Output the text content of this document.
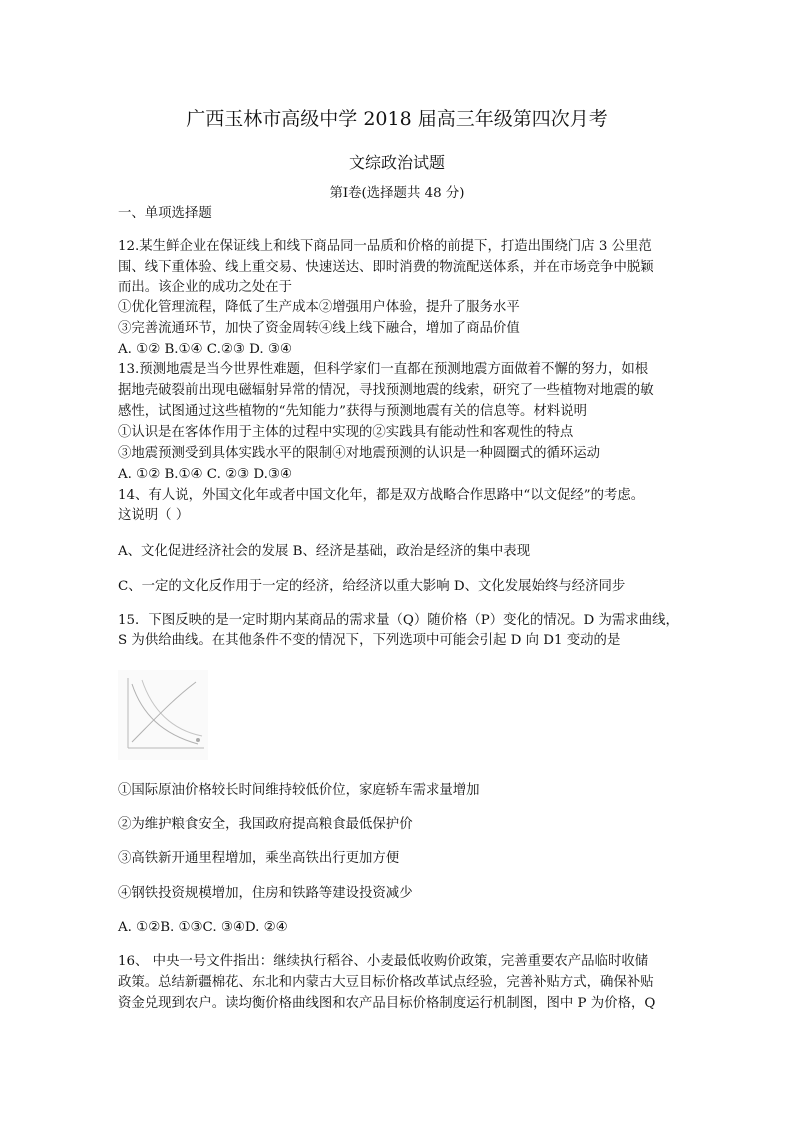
广西玉林市高级中学 2018 届高三年级第四次月考
文综政治试题
第Ⅰ卷(选择题共 48 分)
一、单项选择题
12.某生鲜企业在保证线上和线下商品同一品质和价格的前提下，打造出围绕门店 3 公里范
围、线下重体验、线上重交易、快速送达、即时消费的物流配送体系，并在市场竞争中脱颖
而出。该企业的成功之处在于
①优化管理流程，降低了生产成本②增强用户体验，提升了服务水平
③完善流通环节，加快了资金周转④线上线下融合，增加了商品价值
A. ①② B.①④ C.②③ D. ③④
13.预测地震是当今世界性难题，但科学家们一直都在预测地震方面做着不懈的努力，如根
据地壳破裂前出现电磁辐射异常的情况，寻找预测地震的线索，研究了一些植物对地震的敏
感性，试图通过这些植物的“先知能力”获得与预测地震有关的信息等。材料说明
①认识是在客体作用于主体的过程中实现的②实践具有能动性和客观性的特点
③地震预测受到具体实践水平的限制④对地震预测的认识是一种圆圈式的循环运动
A. ①② B.①④ C. ②③ D.③④
14、有人说，外国文化年或者中国文化年，都是双方战略合作思路中“以文促经”的考虑。
这说明（ ）
A、文化促进经济社会的发展 B、经济是基础，政治是经济的集中表现
C、一定的文化反作用于一定的经济，给经济以重大影响 D、文化发展始终与经济同步
15．下图反映的是一定时期内某商品的需求量（Q）随价格（P）变化的情况。D 为需求曲线，
S 为供给曲线。在其他条件不变的情况下，下列选项中可能会引起 D 向 D1 变动的是
①国际原油价格较长时间维持较低价位，家庭轿车需求量增加
②为维护粮食安全，我国政府提高粮食最低保护价
③高铁新开通里程增加，乘坐高铁出行更加方便
④钢铁投资规模增加，住房和铁路等建设投资减少
A. ①②B. ①③C. ③④D. ②④
16、 中央一号文件指出：继续执行稻谷、小麦最低收购价政策，完善重要农产品临时收储
政策。总结新疆棉花、东北和内蒙古大豆目标价格改革试点经验，完善补贴方式，确保补贴
资金兑现到农户。读均衡价格曲线图和农产品目标价格制度运行机制图，图中 P 为价格，Q
